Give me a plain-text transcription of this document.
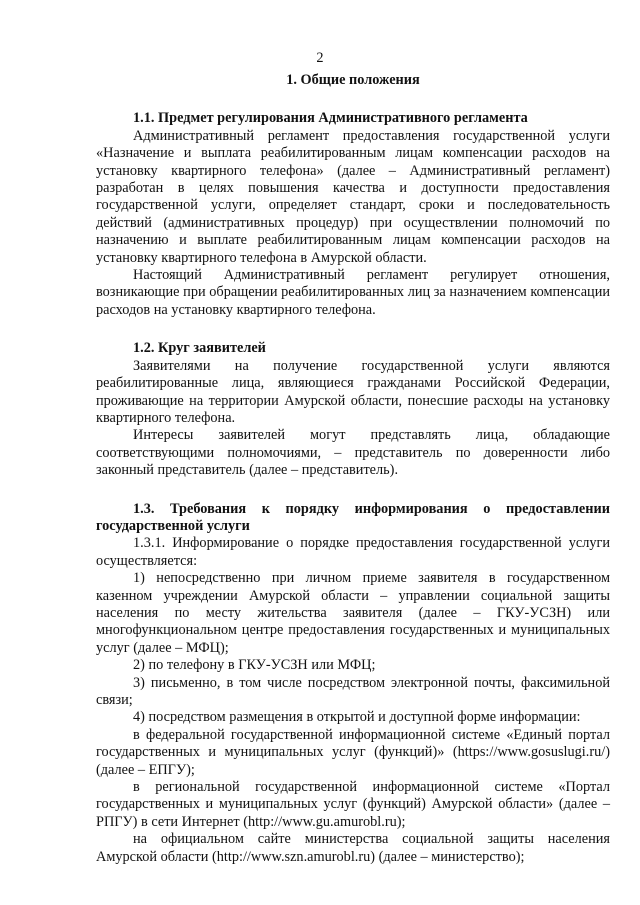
2
1. Общие положения
1.1. Предмет регулирования Административного регламента

Административный регламент предоставления государственной услуги «Назначение и выплата реабилитированным лицам компенсации расходов на установку квартирного телефона» (далее – Административный регламент) разработан в целях повышения качества и доступности предоставления государственной услуги, определяет стандарт, сроки и последовательность действий (административных процедур) при осуществлении полномочий по назначению и выплате реабилитированным лицам компенсации расходов на установку квартирного телефона в Амурской области.

Настоящий Административный регламент регулирует отношения, возникающие при обращении реабилитированных лиц за назначением компенсации расходов на установку квартирного телефона.

1.2. Круг заявителей

Заявителями на получение государственной услуги являются реабилитированные лица, являющиеся гражданами Российской Федерации, проживающие на территории Амурской области, понесшие расходы на установку квартирного телефона.

Интересы заявителей могут представлять лица, обладающие соответствующими полномочиями, – представитель по доверенности либо законный представитель (далее – представитель).

1.3. Требования к порядку информирования о предоставлении государственной услуги

1.3.1. Информирование о порядке предоставления государственной услуги осуществляется:

1) непосредственно при личном приеме заявителя в государственном казенном учреждении Амурской области – управлении социальной защиты населения по месту жительства заявителя (далее – ГКУ-УСЗН) или многофункциональном центре предоставления государственных и муниципальных услуг (далее – МФЦ);

2) по телефону в ГКУ-УСЗН или МФЦ;

3) письменно, в том числе посредством электронной почты, факсимильной связи;

4) посредством размещения в открытой и доступной форме информации:

в федеральной государственной информационной системе «Единый портал государственных и муниципальных услуг (функций)» (https://www.gosuslugi.ru/) (далее – ЕПГУ);

в региональной государственной информационной системе «Портал государственных и муниципальных услуг (функций) Амурской области» (далее – РПГУ) в сети Интернет (http://www.gu.amurobl.ru);

на официальном сайте министерства социальной защиты населения Амурской области (http://www.szn.amurobl.ru) (далее – министерство);
